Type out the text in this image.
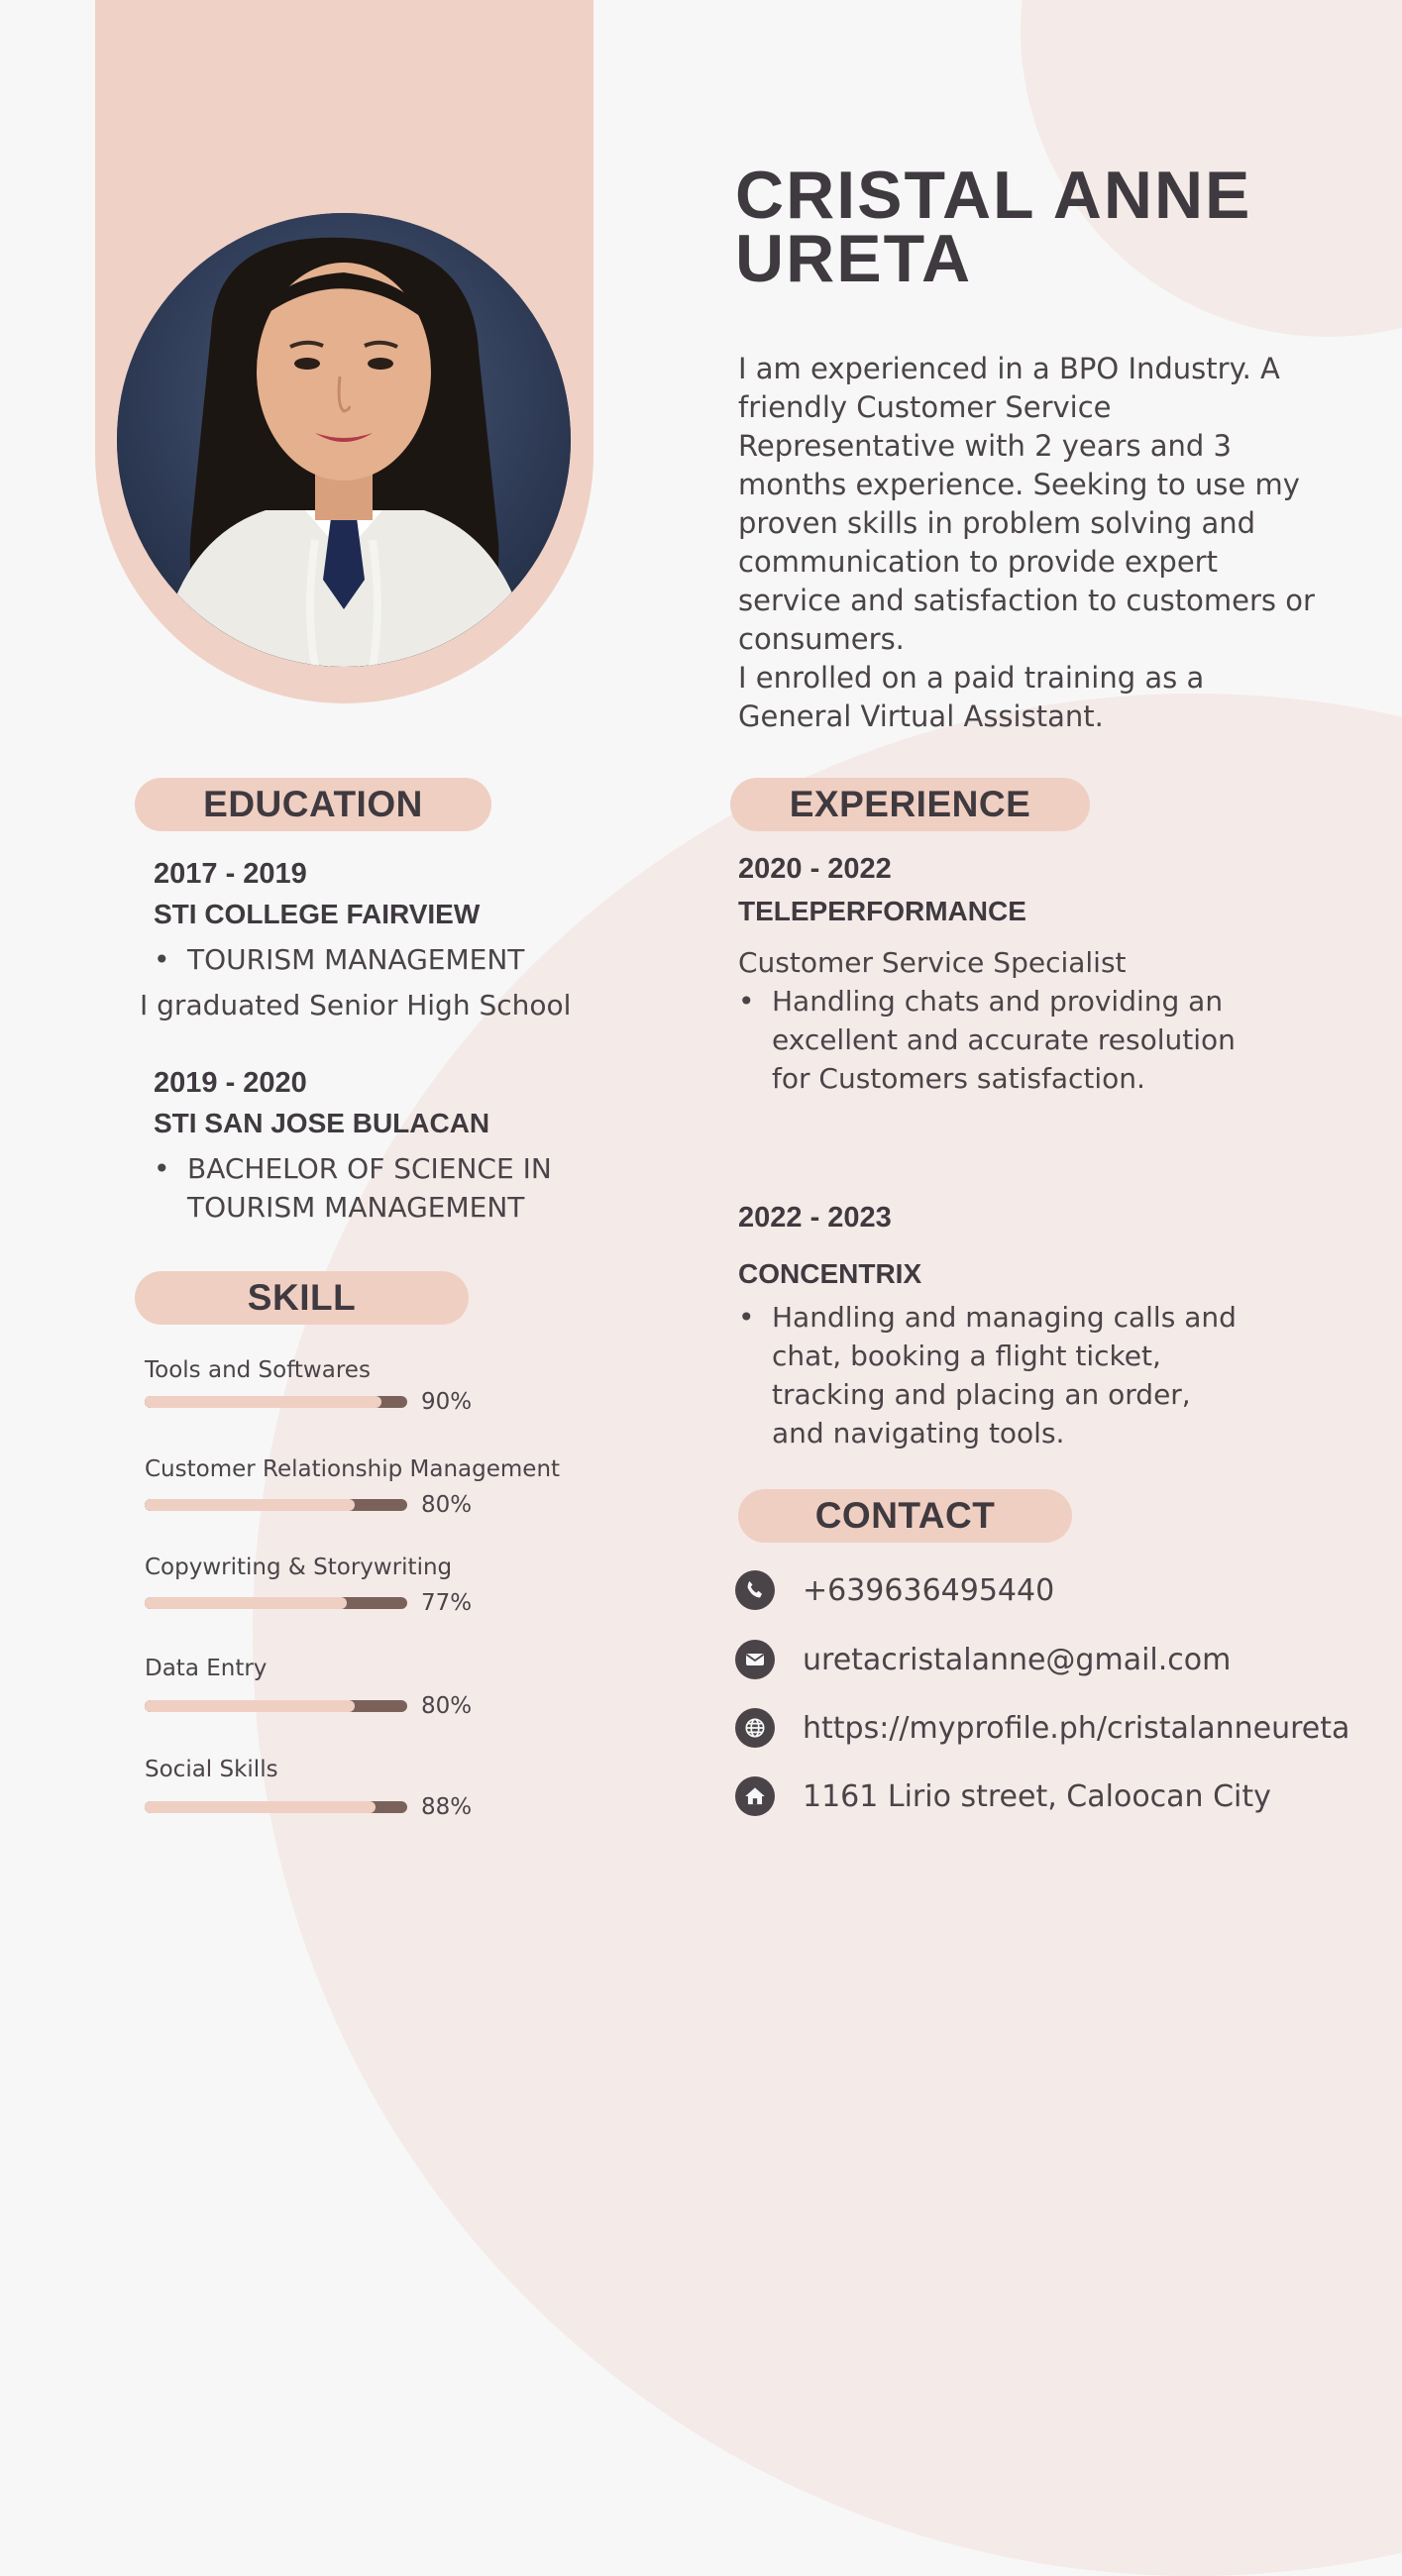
CRISTAL ANNE
URETA

I am experienced in a BPO Industry. A
friendly Customer Service
Representative with 2 years and 3
months experience. Seeking to use my
proven skills in problem solving and
communication to provide expert
service and satisfaction to customers or
consumers.
I enrolled on a paid training as a
General Virtual Assistant.

EDUCATION
2017 - 2019
STI COLLEGE FAIRVIEW
• TOURISM MANAGEMENT
I graduated Senior High School
2019 - 2020
STI SAN JOSE BULACAN
• BACHELOR OF SCIENCE IN
TOURISM MANAGEMENT
EXPERIENCE
2020 - 2022
TELEPERFORMANCE
Customer Service Specialist
• Handling chats and providing an
excellent and accurate resolution
for Customers satisfaction.
2022 - 2023
CONCENTRIX
• Handling and managing calls and
chat, booking a flight ticket,
tracking and placing an order,
and navigating tools.
SKILL
Tools and Softwares
90%
Customer Relationship Management
80%
Copywriting & Storywriting
77%
Data Entry
80%
Social Skills
88%
CONTACT
+639636495440
uretacristalanne@gmail.com
https://myprofile.ph/cristalanneureta
1161 Lirio street, Caloocan City
